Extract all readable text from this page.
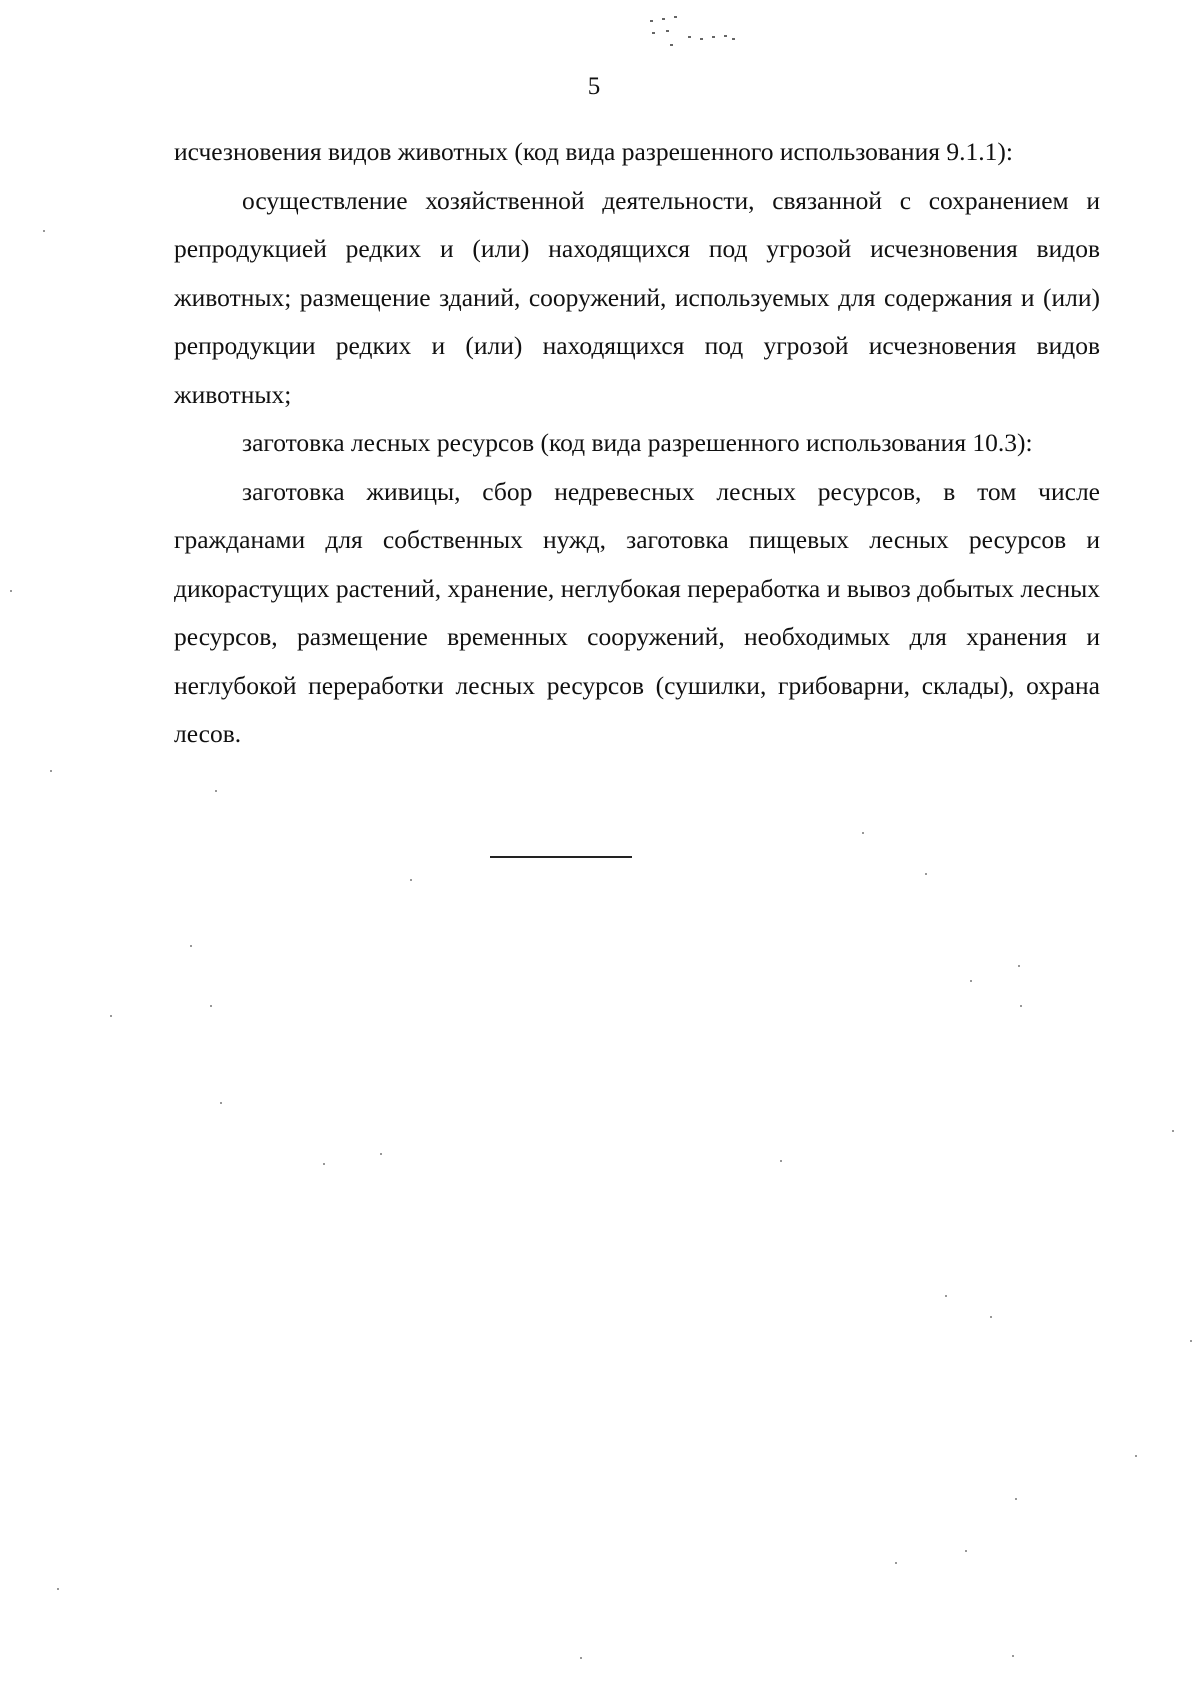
5

исчезновения видов животных (код вида разрешенного использования 9.1.1):

осуществление хозяйственной деятельности, связанной с сохранением и репродукцией редких и (или) находящихся под угрозой исчезновения видов животных; размещение зданий, сооружений, используемых для содержания и (или) репродукции редких и (или) находящихся под угрозой исчезновения видов животных;

заготовка лесных ресурсов (код вида разрешенного использования 10.3):

заготовка живицы, сбор недревесных лесных ресурсов, в том числе гражданами для собственных нужд, заготовка пищевых лесных ресурсов и дикорастущих растений, хранение, неглубокая переработка и вывоз добытых лесных ресурсов, размещение временных сооружений, необходимых для хранения и неглубокой переработки лесных ресурсов (сушилки, грибоварни, склады), охрана лесов.
